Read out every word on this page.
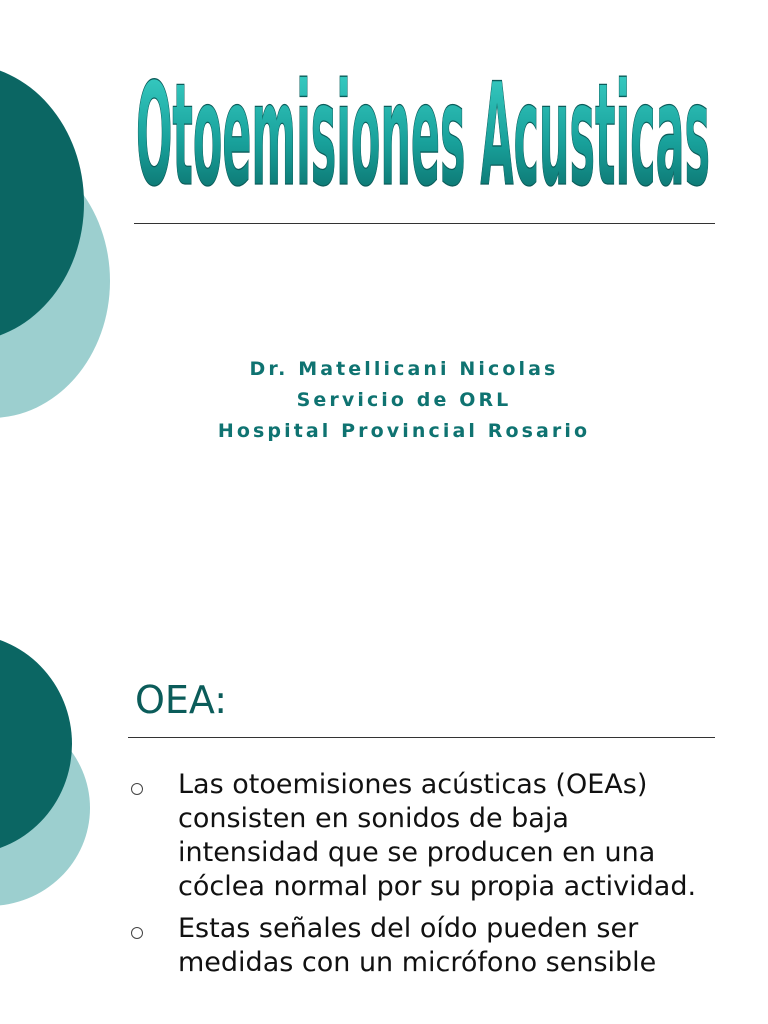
Otoemisiones Acusticas
Dr. Matellicani Nicolas
Servicio de ORL
Hospital Provincial Rosario
OEA:
Las otoemisiones acústicas (OEAs) consisten en sonidos de baja intensidad que se producen en una cóclea normal por su propia actividad.
Estas señales del oído pueden ser medidas con un micrófono sensible
